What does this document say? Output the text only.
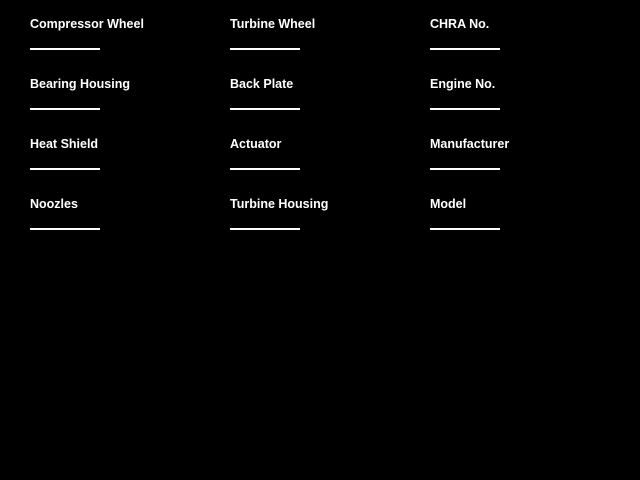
Compressor Wheel
Bearing Housing
Heat Shield
Noozles
Turbine Wheel
Back Plate
Actuator
Turbine Housing
CHRA No.
Engine No.
Manufacturer
Model
